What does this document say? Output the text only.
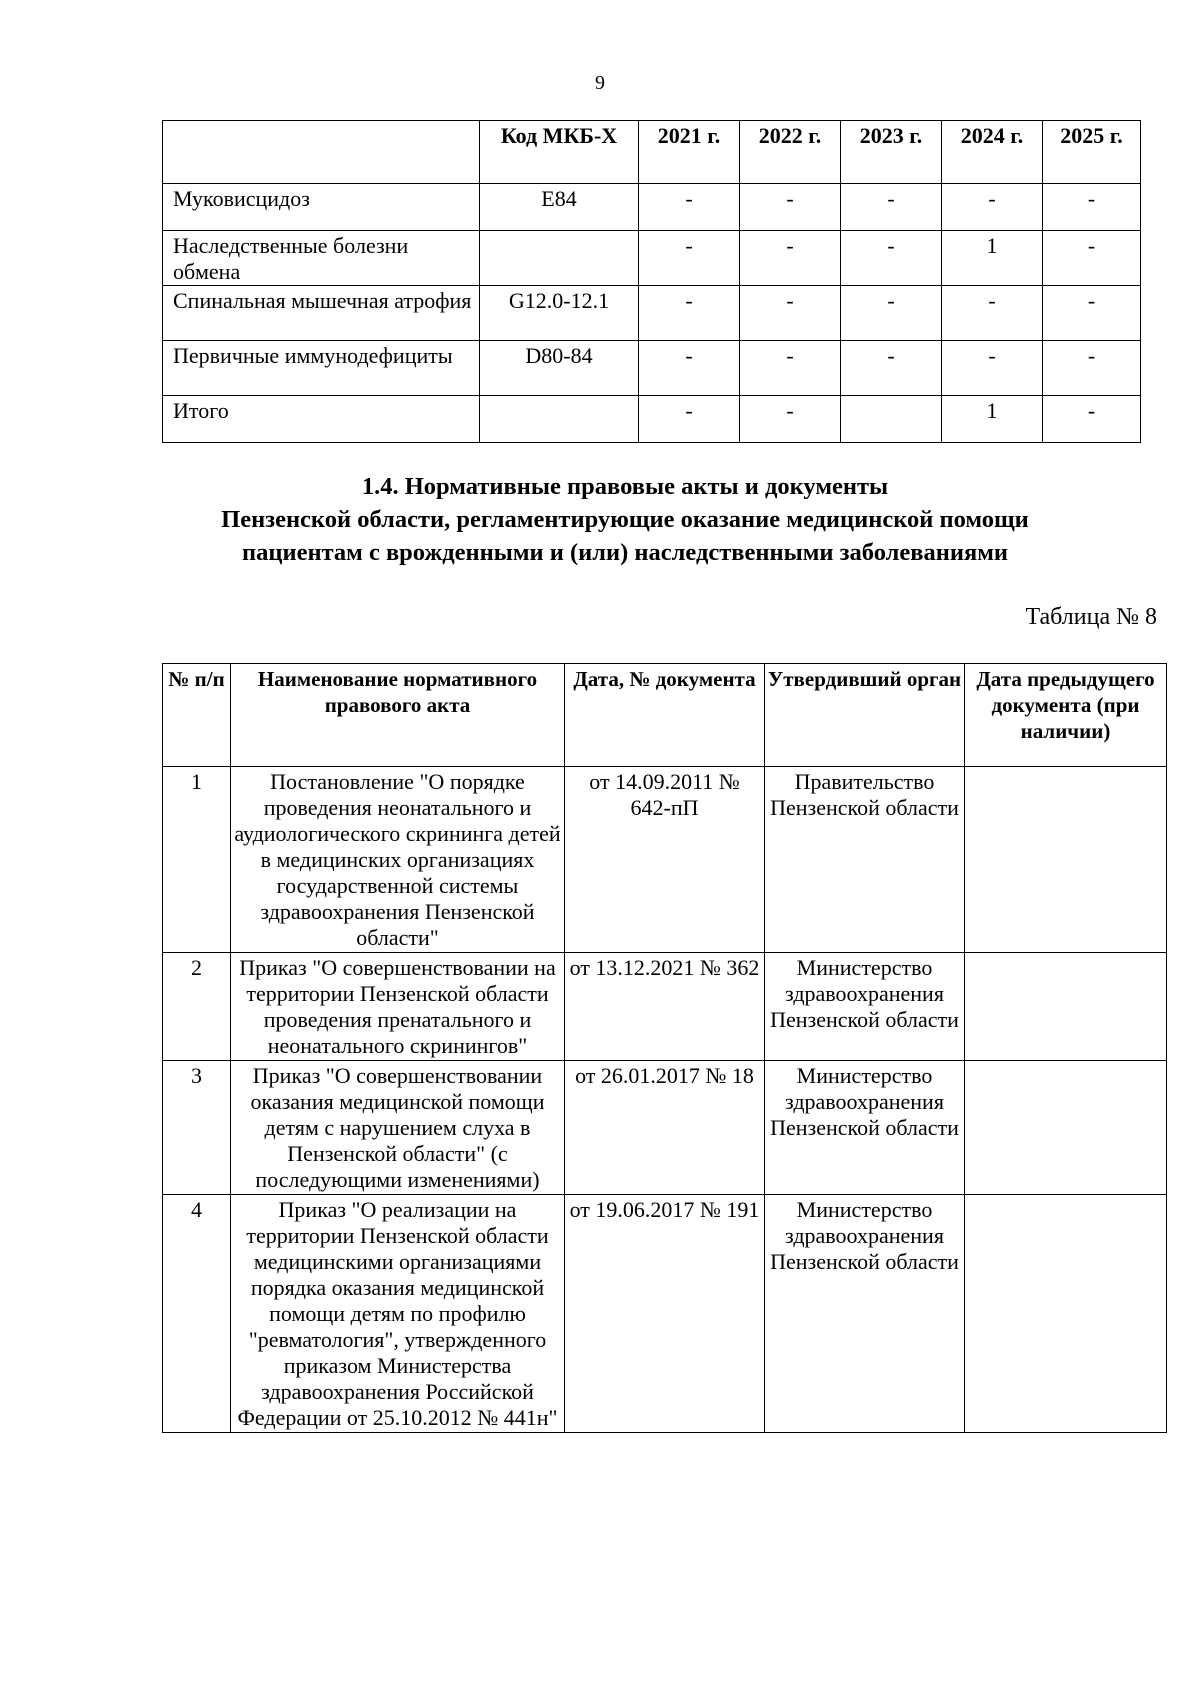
9
	Код МКБ-Х	2021 г.	2022 г.	2023 г.	2024 г.	2025 г.
Муковисцидоз	E84	-	-	-	-	-
Наследственные болезни обмена		-	-	-	1	-
Спинальная мышечная атрофия	G12.0-12.1	-	-	-	-	-
Первичные иммунодефициты	D80-84	-	-	-	-	-
Итого		-	-		1	-
1.4. Нормативные правовые акты и документы
Пензенской области, регламентирующие оказание медицинской помощи
пациентам с врожденными и (или) наследственными заболеваниями
Таблица № 8
№ п/п	Наименование нормативного правового акта	Дата, № документа	Утвердивший орган	Дата предыдущего документа (при наличии)
1	Постановление "О порядке проведения неонатального и аудиологического скрининга детей в медицинских организациях государственной системы здравоохранения Пензенской области"	от 14.09.2011 № 642-пП	Правительство Пензенской области	
2	Приказ "О совершенствовании на территории Пензенской области проведения пренатального и неонатального скринингов"	от 13.12.2021 № 362	Министерство здравоохранения Пензенской области	
3	Приказ "О совершенствовании оказания медицинской помощи детям с нарушением слуха в Пензенской области" (с последующими изменениями)	от 26.01.2017 № 18	Министерство здравоохранения Пензенской области	
4	Приказ "О реализации на территории Пензенской области медицинскими организациями порядка оказания медицинской помощи детям по профилю "ревматология", утвержденного приказом Министерства здравоохранения Российской Федерации от 25.10.2012 № 441н"	от 19.06.2017 № 191	Министерство здравоохранения Пензенской области	
